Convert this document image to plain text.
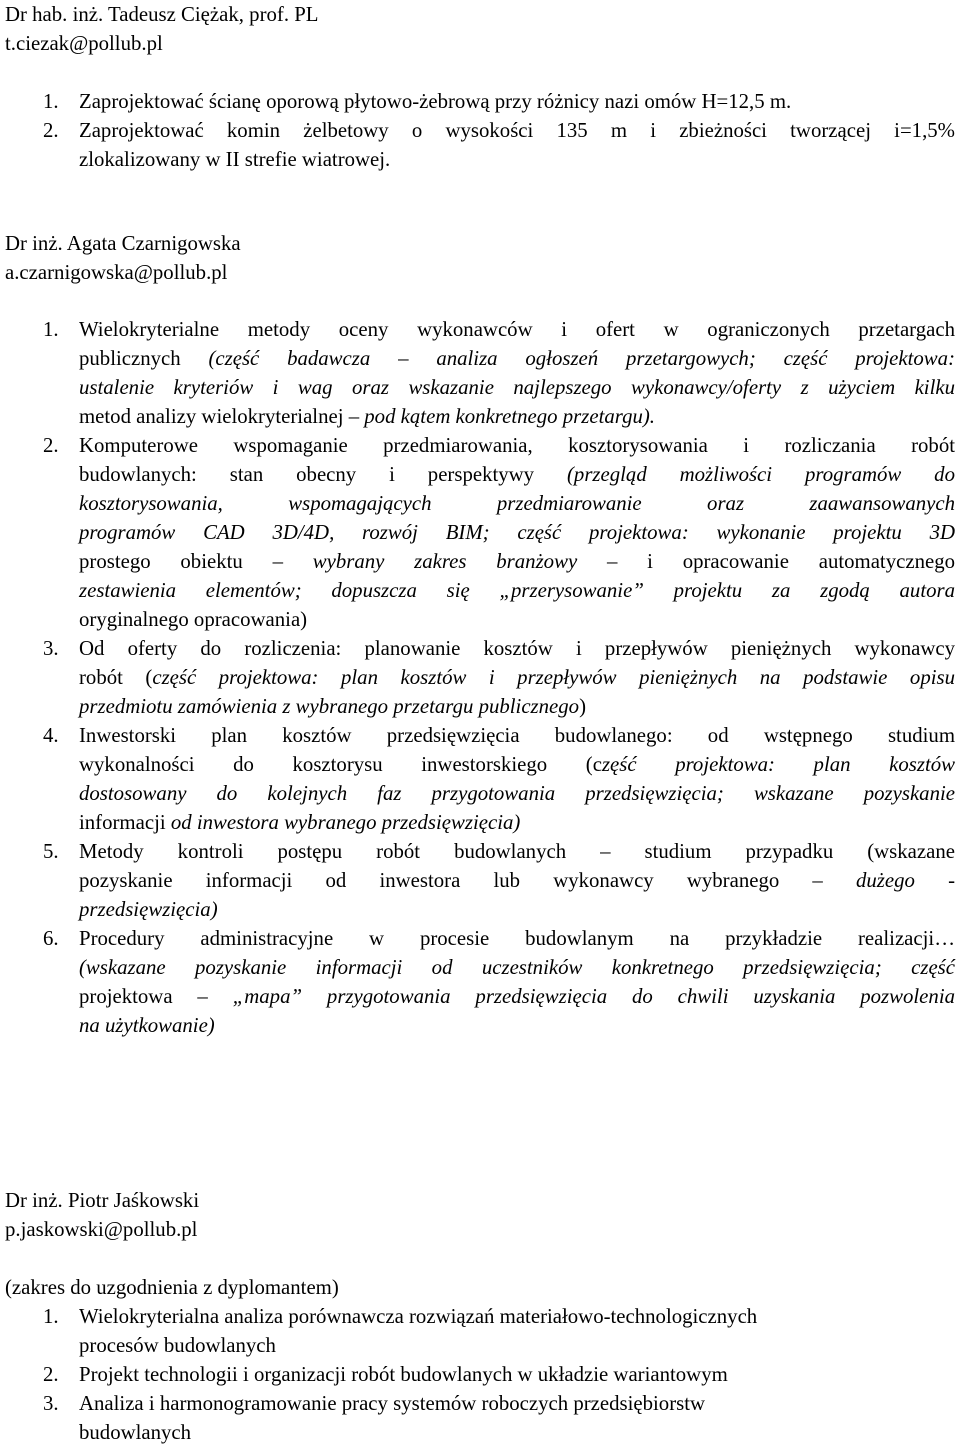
Dr hab. inż. Tadeusz Ciężak, prof. PL
t.ciezak@pollub.pl
1. Zaprojektować ścianę oporową płytowo-żebrową przy różnicy nazi omów H=12,5 m.
2. Zaprojektować komin żelbetowy o wysokości 135 m i zbieżności tworzącej i=1,5%
zlokalizowany w II strefie wiatrowej.
Dr inż. Agata Czarnigowska
a.czarnigowska@pollub.pl
1. Wielokryterialne metody oceny wykonawców i ofert w ograniczonych przetargach
publicznych (część badawcza – analiza ogłoszeń przetargowych; część projektowa:
ustalenie kryteriów i wag oraz wskazanie najlepszego wykonawcy/oferty z użyciem kilku
metod analizy wielokryterialnej – pod kątem konkretnego przetargu).
2. Komputerowe wspomaganie przedmiarowania, kosztorysowania i rozliczania robót
budowlanych: stan obecny i perspektywy (przegląd możliwości programów do
kosztorysowania, wspomagających przedmiarowanie oraz zaawansowanych
programów CAD 3D/4D, rozwój BIM; część projektowa: wykonanie projektu 3D
prostego obiektu – wybrany zakres branżowy – i opracowanie automatycznego
zestawienia elementów; dopuszcza się „przerysowanie” projektu za zgodą autora
oryginalnego opracowania)
3. Od oferty do rozliczenia: planowanie kosztów i przepływów pieniężnych wykonawcy
robót (część projektowa: plan kosztów i przepływów pieniężnych na podstawie opisu
przedmiotu zamówienia z wybranego przetargu publicznego)
4. Inwestorski plan kosztów przedsięwzięcia budowlanego: od wstępnego studium
wykonalności do kosztorysu inwestorskiego (część projektowa: plan kosztów
dostosowany do kolejnych faz przygotowania przedsięwzięcia; wskazane pozyskanie
informacji od inwestora wybranego przedsięwzięcia)
5. Metody kontroli postępu robót budowlanych – studium przypadku (wskazane
pozyskanie informacji od inwestora lub wykonawcy wybranego – dużego -
przedsięwzięcia)
6. Procedury administracyjne w procesie budowlanym na przykładzie realizacji…
(wskazane pozyskanie informacji od uczestników konkretnego przedsięwzięcia; część
projektowa – „mapa” przygotowania przedsięwzięcia do chwili uzyskania pozwolenia
na użytkowanie)
Dr inż. Piotr Jaśkowski
p.jaskowski@pollub.pl
(zakres do uzgodnienia z dyplomantem)
1. Wielokryterialna analiza porównawcza rozwiązań materiałowo-technologicznych
procesów budowlanych
2. Projekt technologii i organizacji robót budowlanych w układzie wariantowym
3. Analiza i harmonogramowanie pracy systemów roboczych przedsiębiorstw
budowlanych
